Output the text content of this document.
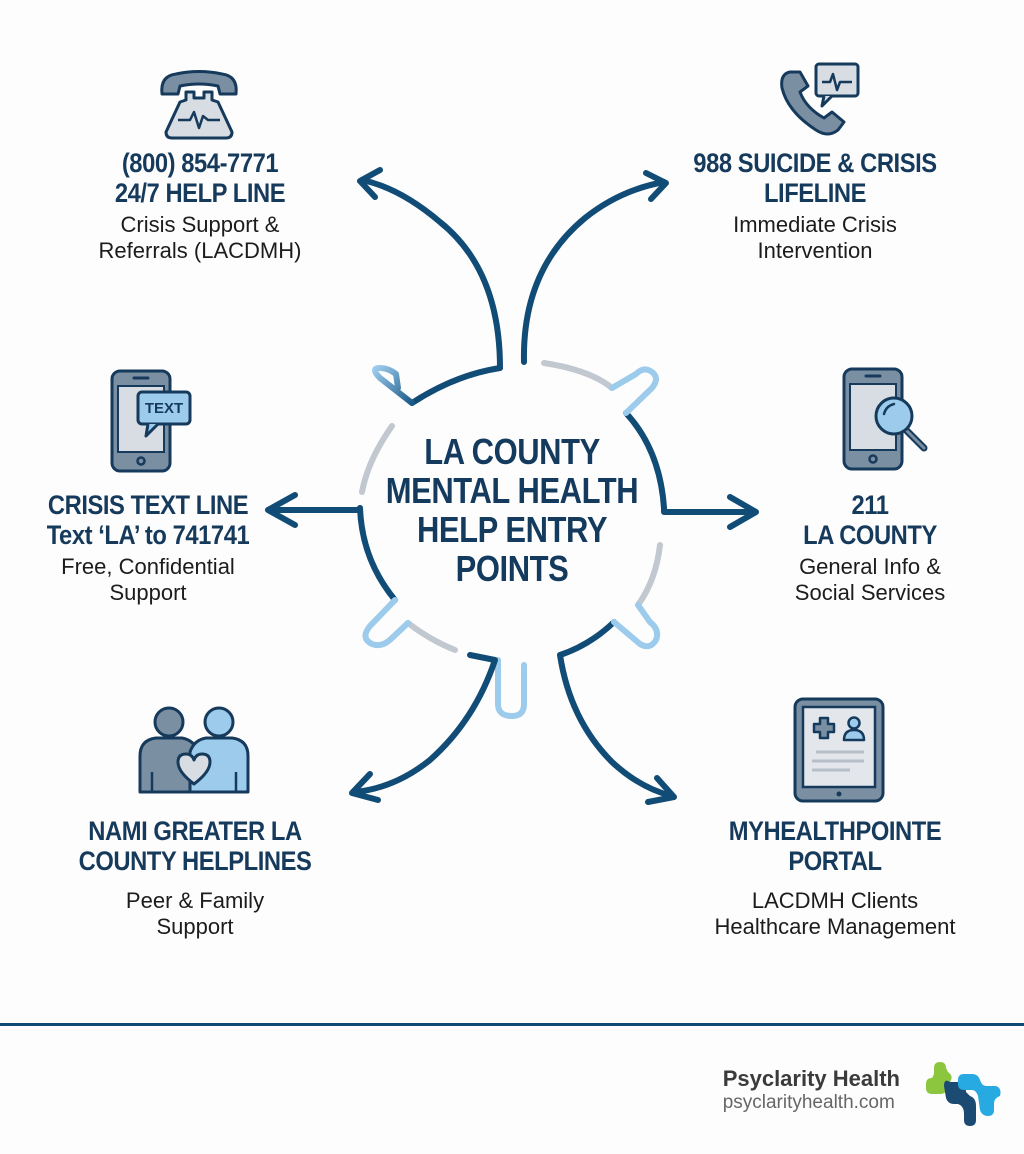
LA COUNTY
MENTAL HEALTH
HELP ENTRY
POINTS
(800) 854-7771
24/7 HELP LINE
Crisis Support &
Referrals (LACDMH)
988 SUICIDE & CRISIS
LIFELINE
Immediate Crisis
Intervention
TEXT
CRISIS TEXT LINE
Text ‘LA’ to 741741
Free, Confidential
Support
211
LA COUNTY
General Info &
Social Services
NAMI GREATER LA
COUNTY HELPLINES
Peer & Family
Support
MYHEALTHPOINTE
PORTAL
LACDMH Clients
Healthcare Management
Psyclarity Health
psyclarityhealth.com
